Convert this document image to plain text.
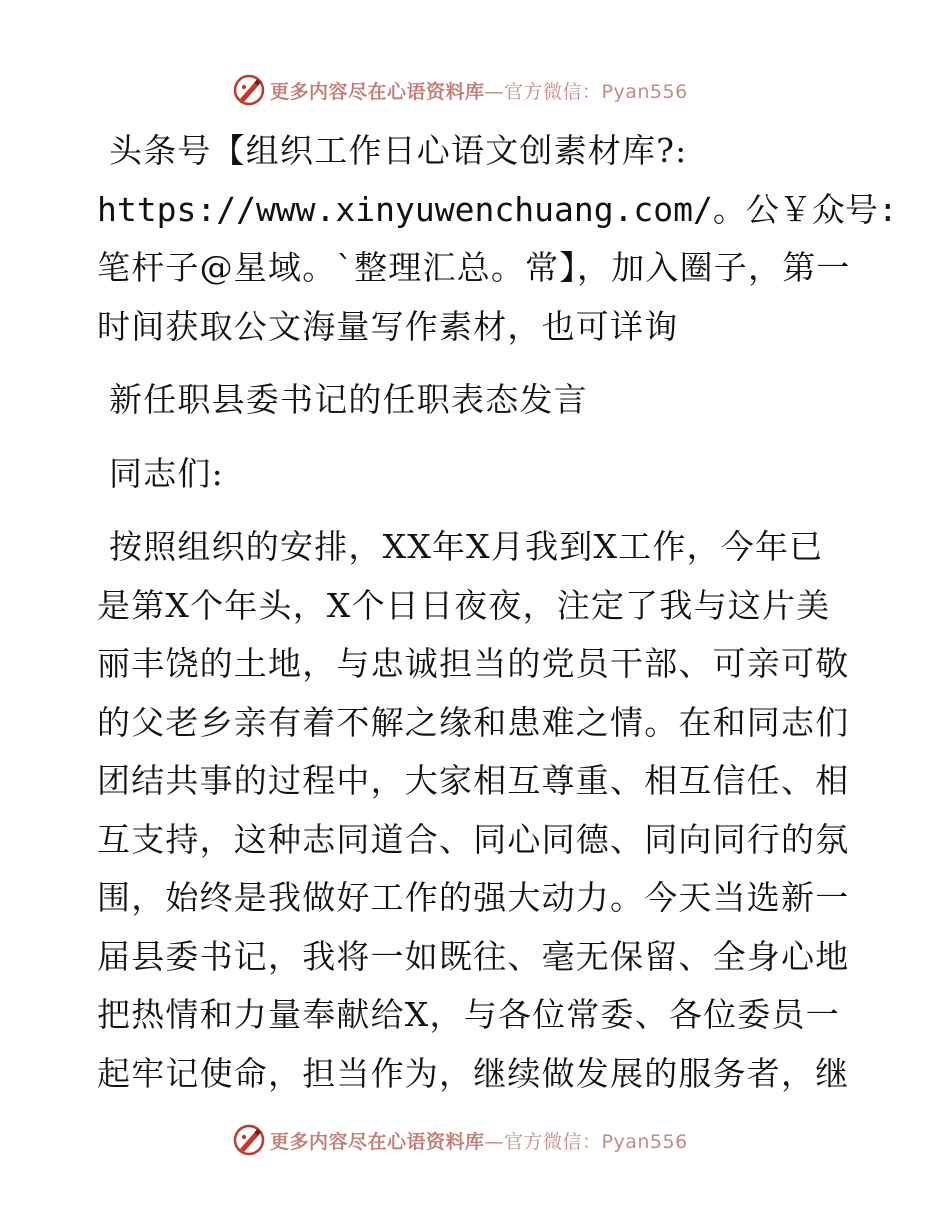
更多内容尽在心语资料库—官方微信：Pyan556
头条号【组织工作日心语文创素材库?:
https://www.xinyuwenchuang.com/。公￥众号:
笔杆子@星域。`整理汇总。常】，加入圈子，第一
时间获取公文海量写作素材，也可详询
新任职县委书记的任职表态发言
同志们:
按照组织的安排，XX年X月我到X工作，今年已
是第X个年头，X个日日夜夜，注定了我与这片美
丽丰饶的土地，与忠诚担当的党员干部、可亲可敬
的父老乡亲有着不解之缘和患难之情。在和同志们
团结共事的过程中，大家相互尊重、相互信任、相
互支持，这种志同道合、同心同德、同向同行的氛
围，始终是我做好工作的强大动力。今天当选新一
届县委书记，我将一如既往、毫无保留、全身心地
把热情和力量奉献给X，与各位常委、各位委员一
起牢记使命，担当作为，继续做发展的服务者，继
更多内容尽在心语资料库—官方微信：Pyan556
